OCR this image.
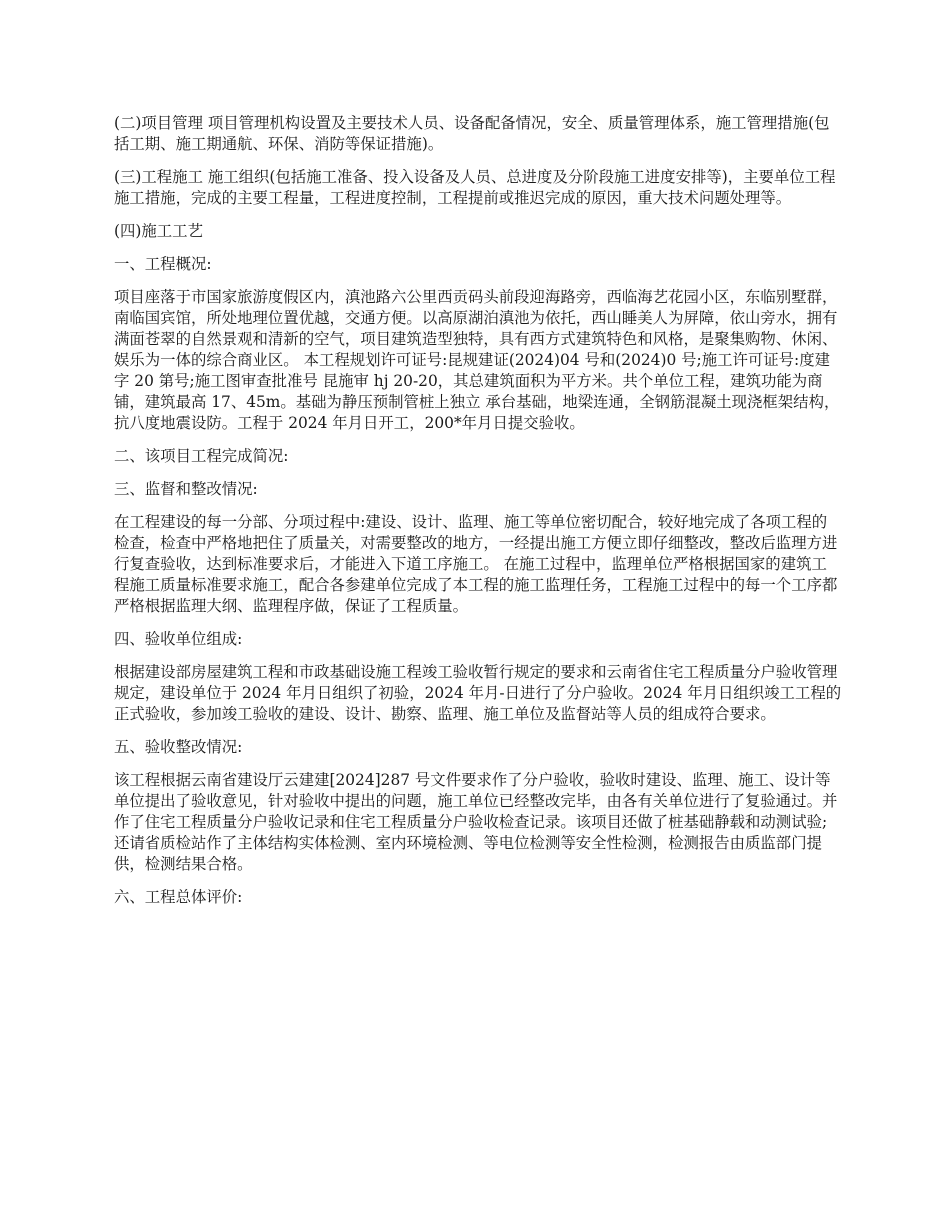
(二)项目管理 项目管理机构设置及主要技术人员、设备配备情况，安全、质量管理体系，施工管理措施(包括工期、施工期通航、环保、消防等保证措施)。

(三)工程施工 施工组织(包括施工准备、投入设备及人员、总进度及分阶段施工进度安排等)，主要单位工程施工措施，完成的主要工程量，工程进度控制，工程提前或推迟完成的原因，重大技术问题处理等。

(四)施工工艺

一、工程概况:

项目座落于市国家旅游度假区内，滇池路六公里西贡码头前段迎海路旁，西临海艺花园小区，东临别墅群，南临国宾馆，所处地理位置优越，交通方便。以高原湖泊滇池为依托，西山睡美人为屏障，依山旁水，拥有满面苍翠的自然景观和清新的空气，项目建筑造型独特，具有西方式建筑特色和风格，是聚集购物、休闲、娱乐为一体的综合商业区。 本工程规划许可证号:昆规建证(2024)04 号和(2024)0 号;施工许可证号:度建字 20 第号;施工图审查批准号 昆施审 hj 20-20，其总建筑面积为平方米。共个单位工程，建筑功能为商铺，建筑最高 17、45m。基础为静压预制管桩上独立 承台基础，地梁连通，全钢筋混凝土现浇框架结构，抗八度地震设防。工程于 2024 年月日开工，200*年月日提交验收。

二、该项目工程完成简况:

三、监督和整改情况:

在工程建设的每一分部、分项过程中:建设、设计、监理、施工等单位密切配合，较好地完成了各项工程的检查，检查中严格地把住了质量关，对需要整改的地方，一经提出施工方便立即仔细整改，整改后监理方进行复查验收，达到标准要求后，才能进入下道工序施工。 在施工过程中，监理单位严格根据国家的建筑工程施工质量标准要求施工，配合各参建单位完成了本工程的施工监理任务，工程施工过程中的每一个工序都严格根据监理大纲、监理程序做，保证了工程质量。

四、验收单位组成:

根据建设部房屋建筑工程和市政基础设施工程竣工验收暂行规定的要求和云南省住宅工程质量分户验收管理规定，建设单位于 2024 年月日组织了初验，2024 年月-日进行了分户验收。2024 年月日组织竣工工程的正式验收，参加竣工验收的建设、设计、勘察、监理、施工单位及监督站等人员的组成符合要求。

五、验收整改情况:

该工程根据云南省建设厅云建建[2024]287 号文件要求作了分户验收，验收时建设、监理、施工、设计等单位提出了验收意见，针对验收中提出的问题，施工单位已经整改完毕，由各有关单位进行了复验通过。并作了住宅工程质量分户验收记录和住宅工程质量分户验收检查记录。该项目还做了桩基础静载和动测试验;还请省质检站作了主体结构实体检测、室内环境检测、等电位检测等安全性检测，检测报告由质监部门提供，检测结果合格。

六、工程总体评价:
